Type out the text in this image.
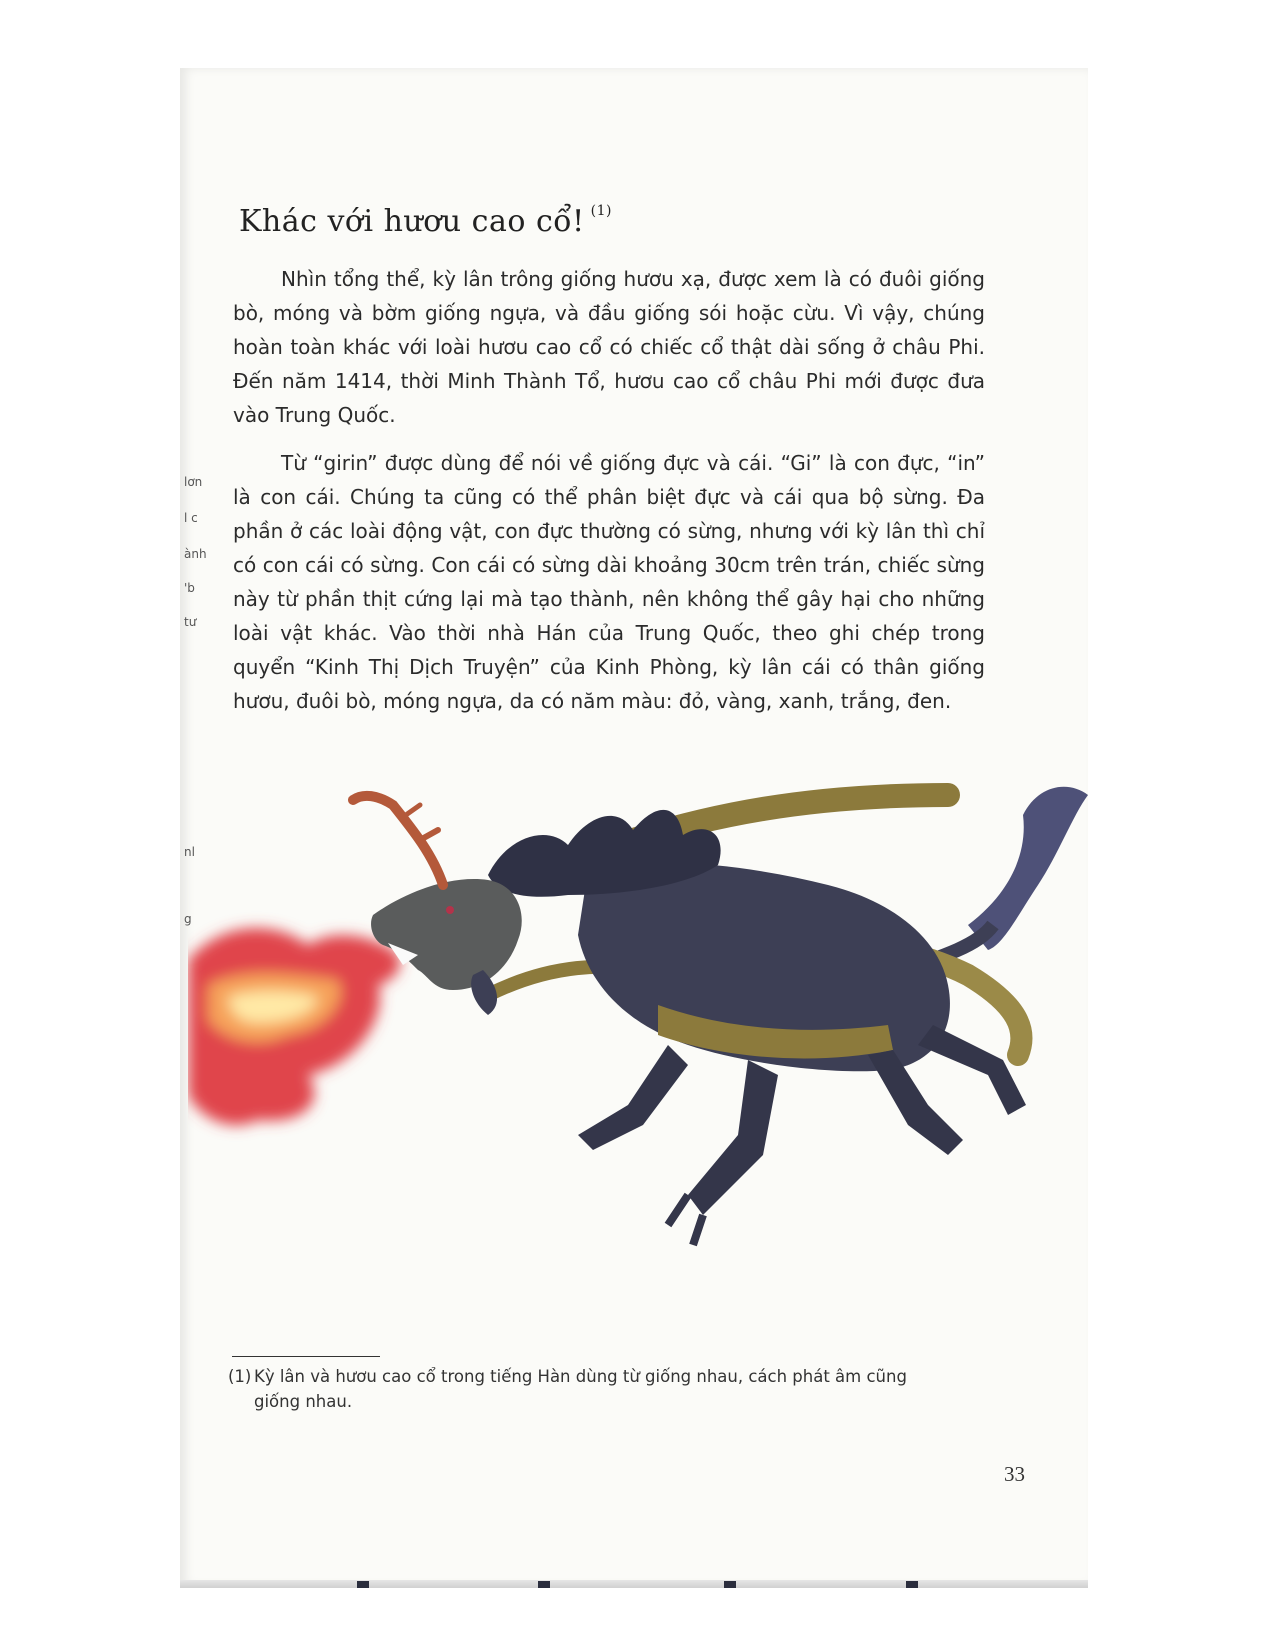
lơn
l c
ành
'b
tư
nl
g
Khác với hươu cao cổ! $^{(1)}$

Nhìn tổng thể, kỳ lân trông giống hươu xạ, được xem là có đuôi giống bò, móng và bờm giống ngựa, và đầu giống sói hoặc cừu. Vì vậy, chúng hoàn toàn khác với loài hươu cao cổ có chiếc cổ thật dài sống ở châu Phi. Đến năm 1414, thời Minh Thành Tổ, hươu cao cổ châu Phi mới được đưa vào Trung Quốc.

Từ “girin” được dùng để nói về giống đực và cái. “Gi” là con đực, “in” là con cái. Chúng ta cũng có thể phân biệt đực và cái qua bộ sừng. Đa phần ở các loài động vật, con đực thường có sừng, nhưng với kỳ lân thì chỉ có con cái có sừng. Con cái có sừng dài khoảng 30cm trên trán, chiếc sừng này từ phần thịt cứng lại mà tạo thành, nên không thể gây hại cho những loài vật khác. Vào thời nhà Hán của Trung Quốc, theo ghi chép trong quyển “Kinh Thị Dịch Truyện” của Kinh Phòng, kỳ lân cái có thân giống hươu, đuôi bò, móng ngựa, da có năm màu: đỏ, vàng, xanh, trắng, đen.

(1) Kỳ lân và hươu cao cổ trong tiếng Hàn dùng từ giống nhau, cách phát âm cũng
giống nhau.
33
